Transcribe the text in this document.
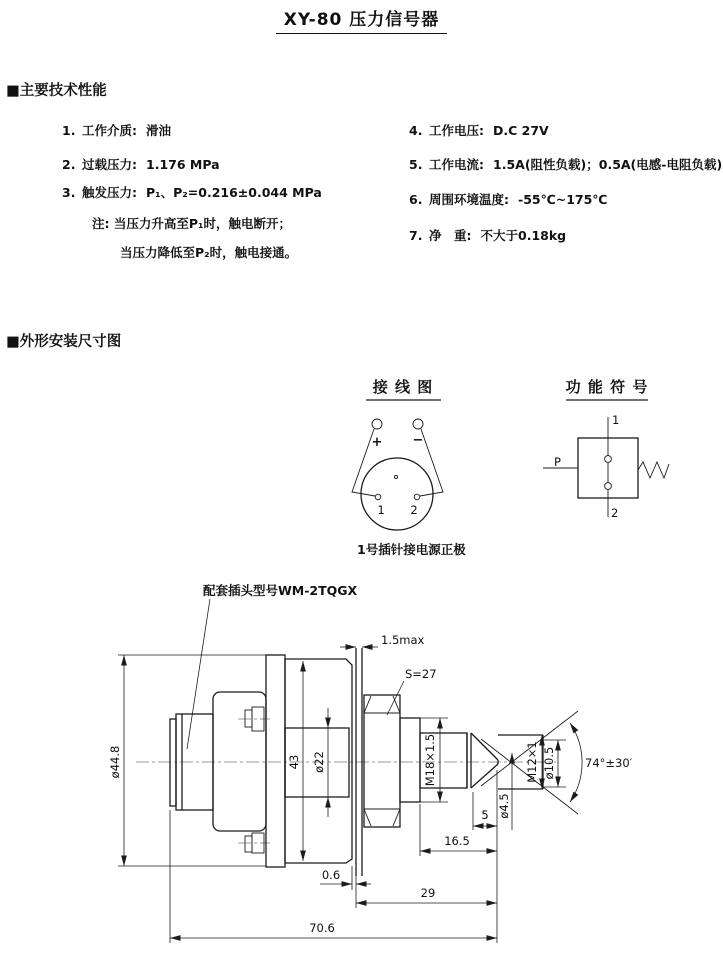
XY-80 压力信号器
■主要技术性能
1. 工作介质: 滑油
2. 过载压力: 1.176 MPa
3. 触发压力: P₁、P₂=0.216±0.044 MPa
注: 当压力升高至P₁时，触电断开；
当压力降低至P₂时，触电接通。
4. 工作电压: D.C 27V
5. 工作电流: 1.5A(阻性负载)；0.5A(电感-电阻负载)
6. 周围环境温度: -55℃~175℃
7. 净　重: 不大于0.18kg
■外形安装尺寸图
接 线 图
+ −
1 2
1号插针接电源正极
功 能 符 号
1
2
P
配套插头型号WM-2TQGX
ø44.8	43 ø22
1.5max
S=27
M18×1.5	M12×1 ø10.5	74°±30′
ø4.5
5
16.5
0.6
29
70.6
